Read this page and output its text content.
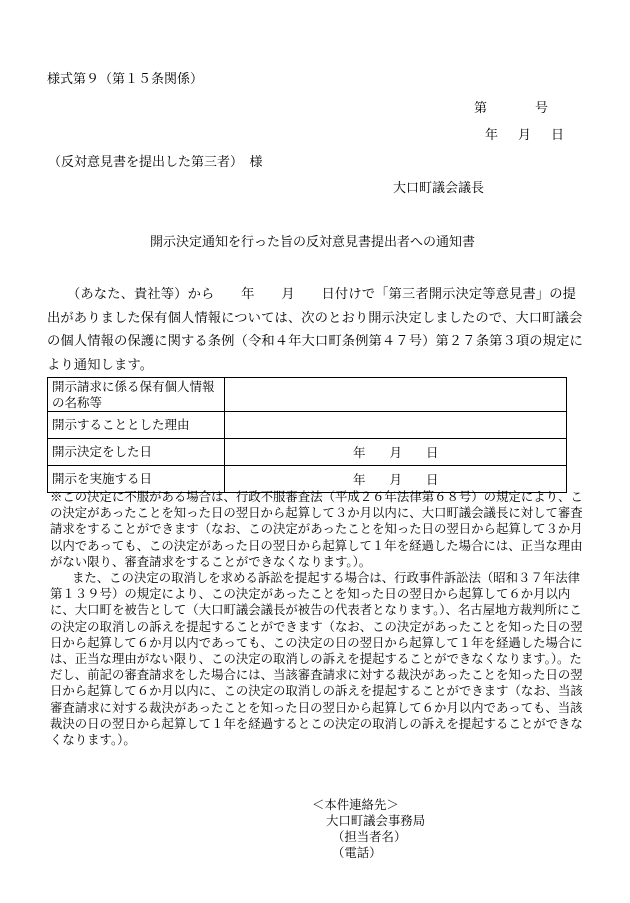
様式第９（第１５条関係）
第	号
年 月 日
（反対意見書を提出した第三者）　様
大口町議会議長
開示決定通知を行った旨の反対意見書提出者への通知書

（あなた、貴社等）から　　年　　月　　日付けで「第三者開示決定等意見書」の提出がありました保有個人情報については、次のとおり開示決定しましたので、大口町議会の個人情報の保護に関する条例（令和４年大口町条例第４７号）第２７条第３項の規定により通知します。

開示請求に係る保有個人情報の名称等	
開示することとした理由	
開示決定をした日	年 月 日
開示を実施する日	年 月 日

※この決定に不服がある場合は、行政不服審査法（平成２６年法律第６８号）の規定により、この決定があったことを知った日の翌日から起算して３か月以内に、大口町議会議長に対して審査請求をすることができます（なお、この決定があったことを知った日の翌日から起算して３か月以内であっても、この決定があった日の翌日から起算して１年を経過した場合には、正当な理由がない限り、審査請求をすることができなくなります。）。

また、この決定の取消しを求める訴訟を提起する場合は、行政事件訴訟法（昭和３７年法律第１３９号）の規定により、この決定があったことを知った日の翌日から起算して６か月以内に、大口町を被告として（大口町議会議長が被告の代表者となります。）、名古屋地方裁判所にこの決定の取消しの訴えを提起することができます（なお、この決定があったことを知った日の翌日から起算して６か月以内であっても、この決定の日の翌日から起算して１年を経過した場合には、正当な理由がない限り、この決定の取消しの訴えを提起することができなくなります。）。ただし、前記の審査請求をした場合には、当該審査請求に対する裁決があったことを知った日の翌日から起算して６か月以内に、この決定の取消しの訴えを提起することができます（なお、当該審査請求に対する裁決があったことを知った日の翌日から起算して６か月以内であっても、当該裁決の日の翌日から起算して１年を経過するとこの決定の取消しの訴えを提起することができなくなります。）。

＜本件連絡先＞
大口町議会事務局
（担当者名）
（電話）
